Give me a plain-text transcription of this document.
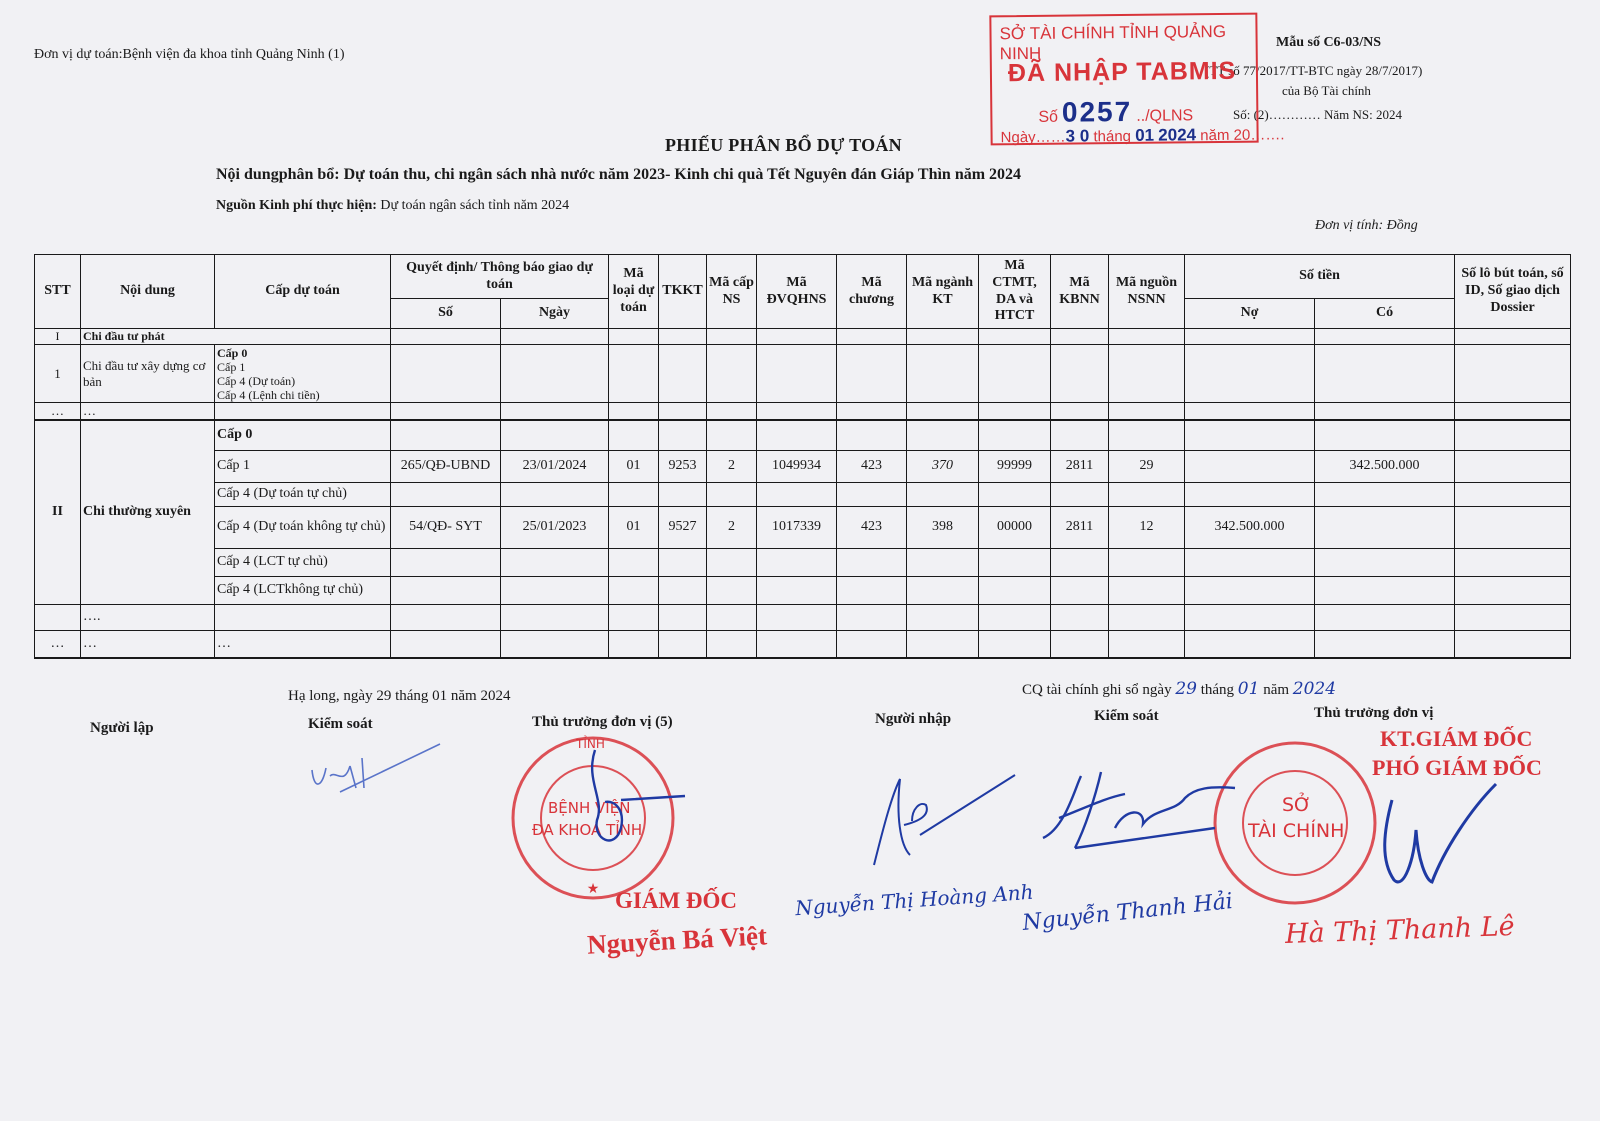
Đơn vị dự toán:Bệnh viện đa khoa tỉnh Quảng Ninh (1)
Mẫu số C6-03/NS
(TT số 77/2017/TT-BTC ngày 28/7/2017)
của Bộ Tài chính
Số: (2)………… Năm NS: 2024
SỞ TÀI CHÍNH TỈNH QUẢNG NINH
ĐÃ NHẬP TABMIS
Số 0257 ../QLNS
Ngày……3 0 tháng 01 2024 năm 20…….
PHIẾU PHÂN BỔ DỰ TOÁN
Nội dungphân bổ: Dự toán thu, chi ngân sách nhà nước năm 2023- Kinh chi quà Tết Nguyên đán Giáp Thìn năm 2024
Nguồn Kinh phí thực hiện: Dự toán ngân sách tỉnh năm 2024
Đơn vị tính: Đồng
STT	Nội dung	Cấp dự toán	Quyết định/ Thông báo giao dự toán		Mã loại dự toán	TKKT	Mã cấp NS	Mã ĐVQHNS	Mã chương	Mã ngành KT	Mã CTMT, DA và HTCT	Mã KBNN	Mã nguồn NSNN	Số tiền		Số lô bút toán, số ID, Số giao dịch Dossier
			Số	Ngày										Nợ	Có	
I	Chi đầu tư phát															
1	Chi đầu tư xây dựng cơ bản	Cấp 0
Cấp 1
Cấp 4 (Dự toán)
Cấp 4 (Lệnh chi tiền)														

…	…															
II	Chi thường xuyên	Cấp 0														
		Cấp 1	265/QĐ-UBND	23/01/2024	01	9253	2	1049934	423	370	99999	2811	29		342.500.000	
		Cấp 4 (Dự toán tự chủ)														
		Cấp 4 (Dự toán không tự chủ)	54/QĐ- SYT	25/01/2023	01	9527	2	1017339	423	398	00000	2811	12	342.500.000		
		Cấp 4 (LCT tự chủ)														
		Cấp 4 (LCTkhông tự chủ)														
	….															
…	…	…														
Hạ long, ngày 29 tháng 01 năm 2024	CQ tài chính ghi sổ ngày 29 tháng 01 năm 2024
Người lập	Kiểm soát	Thủ trưởng đơn vị (5)	Người nhập	Kiểm soát	Thủ trưởng đơn vị
KT.GIÁM ĐỐC
PHÓ GIÁM ĐỐC
GIÁM ĐỐC
Nguyễn Bá Việt
Nguyễn Thị Hoàng Anh
Nguyễn Thanh Hải Hà Thị Thanh Lê
★
TỈNH
BỆNH VIỆN
ĐA KHOA TỈNH
SỞ
TÀI CHÍNH
